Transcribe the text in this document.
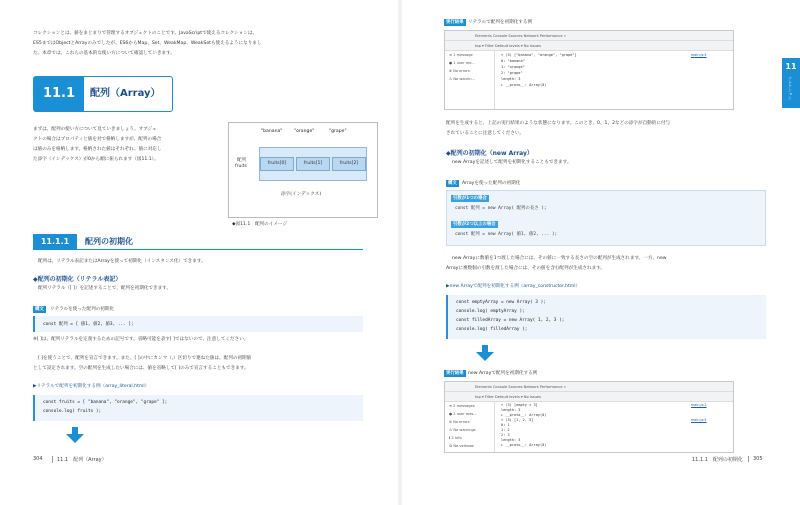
コレクションとは、値をまとまりで管理するオブジェクトのことです。JavaScriptで使えるコレクションは、
ES5まではObjectとArrayのみでしたが、ES6からMap、Set、WeakMap、WeakSetも使えるようになりまし
た。本章では、これらの基本的な使い方について確認していきます。
11.1	配列（Array）
まずは、配列の使い方について見ていきましょう。オブジェ
クトの場合はプロパティと値を対で格納しますが、配列の場合
は値のみを格納します。格納された値はそれぞれ、値に対応し
た添字（インデックス）が0から順に振られます（図11.1）。
"banana"	"orange"	"grape"
fruits[0]	fruits[1]	fruits[2]
配列
fruits
添字(インデックス)
◆図11.1　配列のイメージ
11.1.1	配列の初期化
配列は、リテラル表記またはArrayを使って初期化（インスタンス化）できます。
◆配列の初期化（リテラル表記）
配列リテラル（[ ]）を記述することで、配列を初期化できます。
構文	リテラルを使った配列の初期化
const 配列 = [ 値1, 値2, 値3, ... ];
※[ ]は、配列リテラルを定義するための記号です。省略可能を表す[ ]ではないので、注意してください。
[ ]を使うことで、配列を宣言できます。また、[ ]の中にカンマ（,）区切りで連ねた値は、配列の初期値
として設定されます。空の配列を生成したい場合には、値を省略して[ ]のみで宣言することもできます。
▶リテラルで配列を初期化する例（array_literal.html）
const fruits = [ "banana", "orange", "grape" ];
console.log( fruits );
304	11.1　配列（Array）
実行結果 リテラルで配列を初期化する例
Elements Console Sources Network Performance »
top ▾ Filter Default levels ▾ No Issues
≡ 1 message
● 1 user me...
⊗ No errors
⚠ No warnin...
▾ (3) ["banana", "orange", "grape"]
0: "banana"
1: "orange"
2: "grape"
length: 3
▸ __proto__: Array(0)
main.js:4
配列を生成すると、上記の実行結果のような状態になります。このとき、0、1、2などの添字が自動的に付与
されていることに注意してください。
◆配列の初期化（new Array）
new Arrayを記述して配列を初期化することもできます。
構文	Arrayを使った配列の初期化
引数が1つの場合
const 配列 = new Array( 配列の長さ );
引数が2つ以上の場合
const 配列 = new Array( 値1, 値2, ... );
new Arrayに数値を1つ渡した場合には、その値に一致する長さの空の配列が生成されます。一方、new
Arrayに複数個の引数を渡した場合には、その値を含む配列が生成されます。
▶new Arrayで配列を初期化する例（array_constructor.html）
const emptyArray = new Array( 3 );
console.log( emptyArray );
const filledArray = new Array( 1, 2, 3 );
console.log( filledArray );
実行結果 new Arrayで配列を初期化する例
Elements Console Sources Network Performance »
top ▾ Filter Default levels ▾ No Issues
≡ 2 messages
● 2 user mes...
⊗ No errors
⚠ No warnings
ℹ 2 info
⚙ No verbose
▾ (3) [empty × 3]
length: 3
▸ __proto__: Array(0)
▾ (3) [1, 2, 3]
0: 1
1: 2
2: 3
length: 3
▸ __proto__: Array(0)
main.js:2
main.js:4
11
コレクション
11.1.1　配列の初期化	305
